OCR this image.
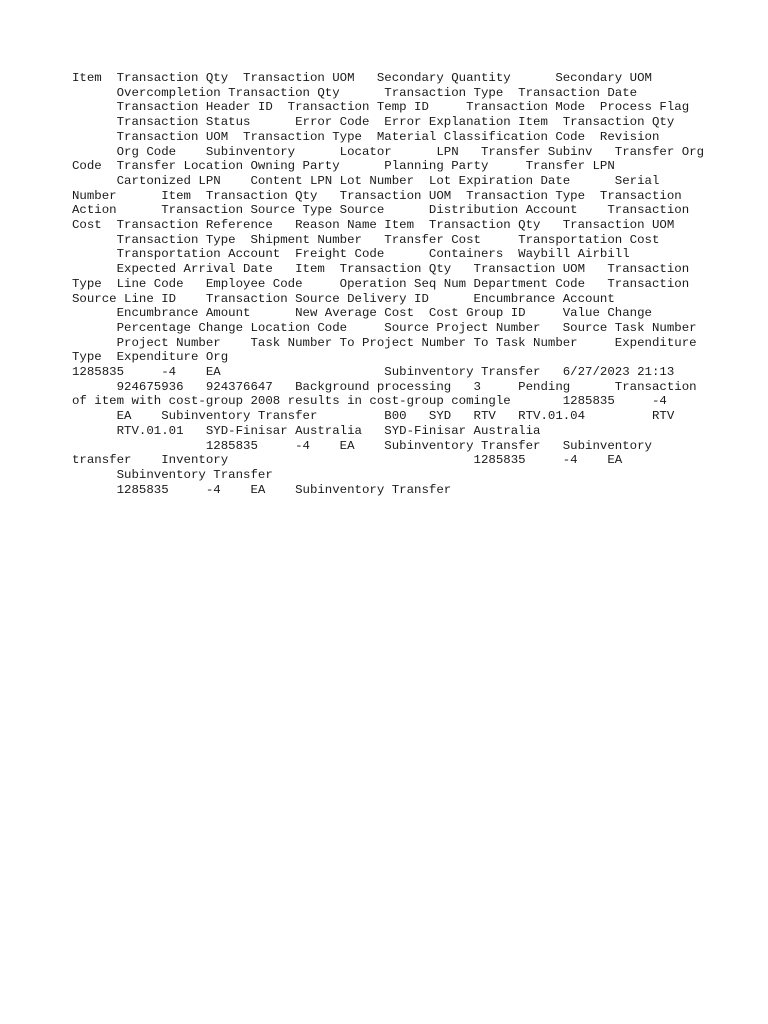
Item  Transaction Qty  Transaction UOM   Secondary Quantity      Secondary UOM
Overcompletion Transaction Qty      Transaction Type  Transaction Date
Transaction Header ID  Transaction Temp ID     Transaction Mode  Process Flag
Transaction Status      Error Code  Error Explanation Item  Transaction Qty
Transaction UOM  Transaction Type  Material Classification Code  Revision
Org Code    Subinventory      Locator      LPN   Transfer Subinv   Transfer Org
Code  Transfer Location Owning Party      Planning Party     Transfer LPN
Cartonized LPN    Content LPN Lot Number  Lot Expiration Date      Serial
Number      Item  Transaction Qty   Transaction UOM  Transaction Type  Transaction
Action      Transaction Source Type Source      Distribution Account    Transaction
Cost  Transaction Reference   Reason Name Item  Transaction Qty   Transaction UOM
Transaction Type  Shipment Number   Transfer Cost     Transportation Cost
Transportation Account  Freight Code      Containers  Waybill Airbill
Expected Arrival Date   Item  Transaction Qty   Transaction UOM   Transaction
Type  Line Code   Employee Code     Operation Seq Num Department Code   Transaction
Source Line ID    Transaction Source Delivery ID      Encumbrance Account
Encumbrance Amount      New Average Cost  Cost Group ID     Value Change
Percentage Change Location Code     Source Project Number   Source Task Number
Project Number    Task Number To Project Number To Task Number     Expenditure
Type  Expenditure Org
1285835     -4    EA                      Subinventory Transfer   6/27/2023 21:13
924675936   924376647   Background processing   3     Pending      Transaction
of item with cost-group 2008 results in cost-group comingle       1285835     -4
EA    Subinventory Transfer         B00   SYD   RTV   RTV.01.04         RTV
RTV.01.01   SYD-Finisar Australia   SYD-Finisar Australia
1285835     -4    EA    Subinventory Transfer   Subinventory
transfer    Inventory                                 1285835     -4    EA
Subinventory Transfer
1285835     -4    EA    Subinventory Transfer
